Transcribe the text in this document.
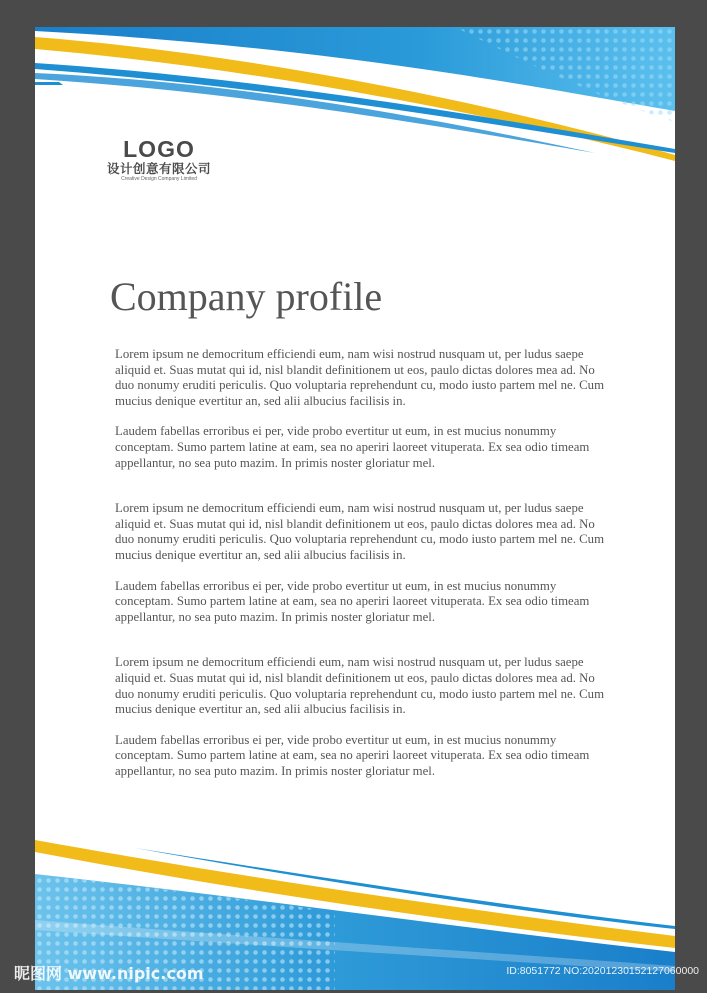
LOGO
设计创意有限公司
Creative Design Company Limited
Company profile

Lorem ipsum ne democritum efficiendi eum, nam wisi nostrud nusquam ut, per ludus saepe aliquid et. Suas mutat qui id, nisl blandit definitionem ut eos, paulo dictas dolores mea ad. No duo nonumy eruditi periculis. Quo voluptaria reprehendunt cu, modo iusto partem mel ne. Cum mucius denique evertitur an, sed alii albucius facilisis in.

Laudem fabellas erroribus ei per, vide probo evertitur ut eum, in est mucius nonummy conceptam. Sumo partem latine at eam, sea no aperiri laoreet vituperata. Ex sea odio timeam appellantur, no sea puto mazim. In primis noster gloriatur mel.

Lorem ipsum ne democritum efficiendi eum, nam wisi nostrud nusquam ut, per ludus saepe aliquid et. Suas mutat qui id, nisl blandit definitionem ut eos, paulo dictas dolores mea ad. No duo nonumy eruditi periculis. Quo voluptaria reprehendunt cu, modo iusto partem mel ne. Cum mucius denique evertitur an, sed alii albucius facilisis in.

Laudem fabellas erroribus ei per, vide probo evertitur ut eum, in est mucius nonummy conceptam. Sumo partem latine at eam, sea no aperiri laoreet vituperata. Ex sea odio timeam appellantur, no sea puto mazim. In primis noster gloriatur mel.

Lorem ipsum ne democritum efficiendi eum, nam wisi nostrud nusquam ut, per ludus saepe aliquid et. Suas mutat qui id, nisl blandit definitionem ut eos, paulo dictas dolores mea ad. No duo nonumy eruditi periculis. Quo voluptaria reprehendunt cu, modo iusto partem mel ne. Cum mucius denique evertitur an, sed alii albucius facilisis in.

Laudem fabellas erroribus ei per, vide probo evertitur ut eum, in est mucius nonummy conceptam. Sumo partem latine at eam, sea no aperiri laoreet vituperata. Ex sea odio timeam appellantur, no sea puto mazim. In primis noster gloriatur mel.

昵图网 www.nipic.com	ID:8051772 NO:20201230152127060000
